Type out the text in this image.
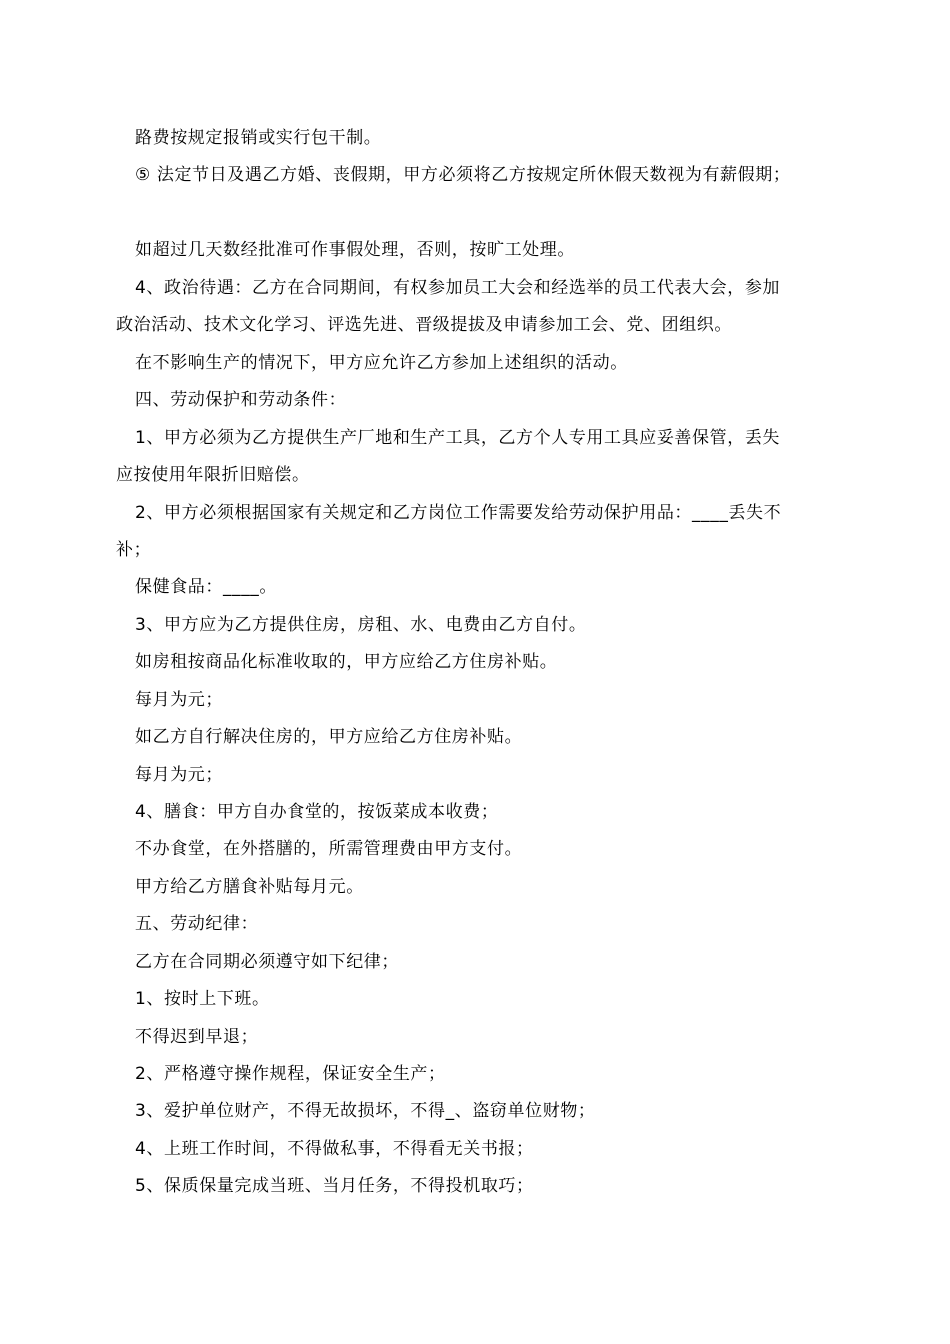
路费按规定报销或实行包干制。
⑤ 法定节日及遇乙方婚、丧假期，甲方必须将乙方按规定所休假天数视为有薪假期；
如超过几天数经批准可作事假处理，否则，按旷工处理。
4、政治待遇：乙方在合同期间，有权参加员工大会和经选举的员工代表大会，参加
政治活动、技术文化学习、评选先进、晋级提拔及申请参加工会、党、团组织。
在不影响生产的情况下，甲方应允许乙方参加上述组织的活动。
四、劳动保护和劳动条件：
1、甲方必须为乙方提供生产厂地和生产工具，乙方个人专用工具应妥善保管，丢失
应按使用年限折旧赔偿。
2、甲方必须根据国家有关规定和乙方岗位工作需要发给劳动保护用品：____丢失不
补；
保健食品：____。
3、甲方应为乙方提供住房，房租、水、电费由乙方自付。
如房租按商品化标准收取的，甲方应给乙方住房补贴。
每月为元；
如乙方自行解决住房的，甲方应给乙方住房补贴。
每月为元；
4、膳食：甲方自办食堂的，按饭菜成本收费；
不办食堂，在外搭膳的，所需管理费由甲方支付。
甲方给乙方膳食补贴每月元。
五、劳动纪律：
乙方在合同期必须遵守如下纪律；
1、按时上下班。
不得迟到早退；
2、严格遵守操作规程，保证安全生产；
3、爱护单位财产，不得无故损坏，不得_、盗窃单位财物；
4、上班工作时间，不得做私事，不得看无关书报；
5、保质保量完成当班、当月任务，不得投机取巧；
